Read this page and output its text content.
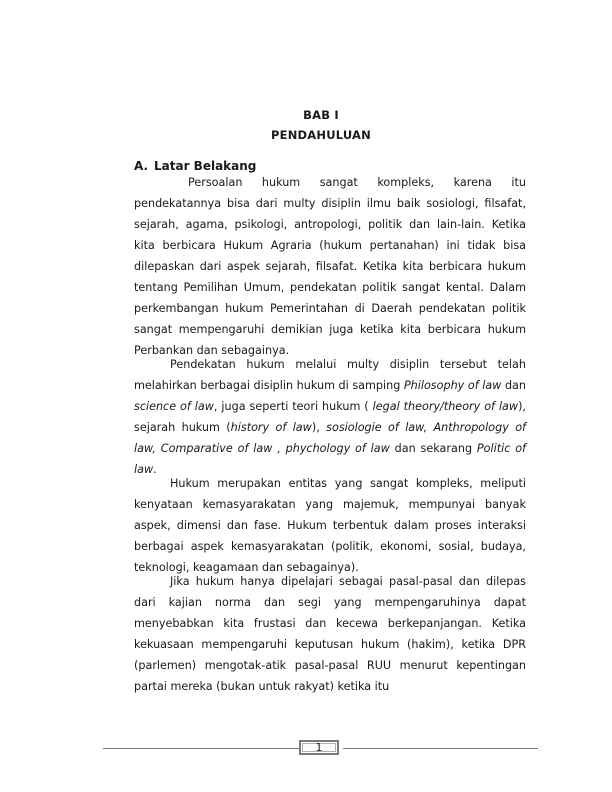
BAB I
PENDAHULUAN
A. Latar Belakang

Persoalan hukum sangat kompleks, karena itu pendekatannya bisa dari multy disiplin ilmu baik sosiologi, filsafat, sejarah, agama, psikologi, antropologi, politik dan lain-lain. Ketika kita berbicara Hukum Agraria (hukum pertanahan) ini tidak bisa dilepaskan dari aspek sejarah, filsafat. Ketika kita berbicara hukum tentang Pemilihan Umum, pendekatan politik sangat kental. Dalam perkembangan hukum Pemerintahan di Daerah pendekatan politik sangat mempengaruhi demikian juga ketika kita berbicara hukum Perbankan dan sebagainya.

Pendekatan hukum melalui multy disiplin tersebut telah melahirkan berbagai disiplin hukum di samping Philosophy of law dan science of law, juga seperti teori hukum ( legal theory/theory of law), sejarah hukum (history of law), sosiologie of law, Anthropology of law, Comparative of law , phychology of law dan sekarang Politic of law.

Hukum merupakan entitas yang sangat kompleks, meliputi kenyataan kemasyarakatan yang majemuk, mempunyai banyak aspek, dimensi dan fase. Hukum terbentuk dalam proses interaksi berbagai aspek kemasyarakatan (politik, ekonomi, sosial, budaya, teknologi, keagamaan dan sebagainya).

Jika hukum hanya dipelajari sebagai pasal-pasal dan dilepas dari kajian norma dan segi yang mempengaruhinya dapat menyebabkan kita frustasi dan kecewa berkepanjangan. Ketika kekuasaan mempengaruhi keputusan hukum (hakim), ketika DPR (parlemen) mengotak-atik pasal-pasal RUU menurut kepentingan partai mereka (bukan untuk rakyat) ketika itu

1
